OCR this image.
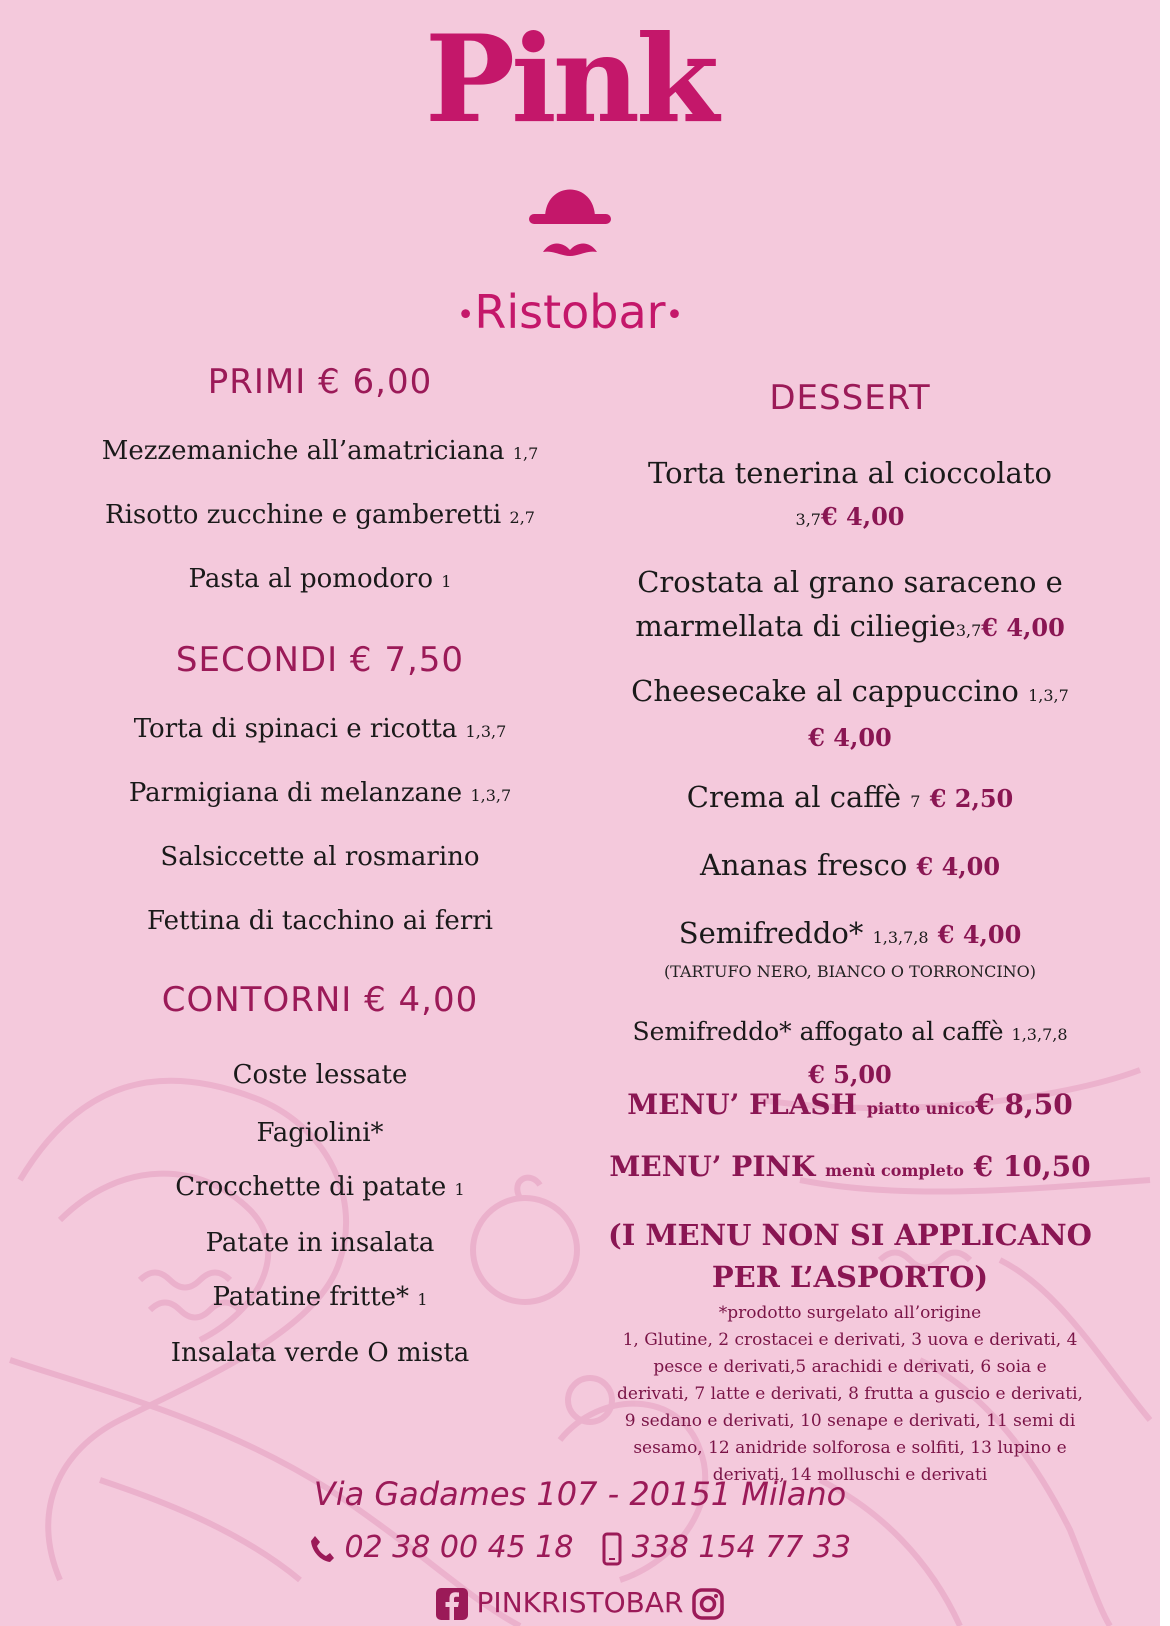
Pink
•Ristobar•
PRIMI € 6,00
Mezzemaniche all’amatriciana 1,7
Risotto zucchine e gamberetti 2,7
Pasta al pomodoro 1
SECONDI € 7,50
Torta di spinaci e ricotta 1,3,7
Parmigiana di melanzane 1,3,7
Salsiccette al rosmarino
Fettina di tacchino ai ferri
CONTORNI € 4,00
Coste lessate
Fagiolini*
Crocchette di patate 1
Patate in insalata
Patatine fritte* 1
Insalata verde O mista
DESSERT
Torta tenerina al cioccolato
3,7€ 4,00
Crostata al grano saraceno e
marmellata di ciliegie3,7€ 4,00
Cheesecake al cappuccino 1,3,7
€ 4,00
Crema al caffè 7 € 2,50
Ananas fresco € 4,00
Semifreddo* 1,3,7,8 € 4,00
(TARTUFO NERO, BIANCO O TORRONCINO)
Semifreddo* affogato al caffè 1,3,7,8
€ 5,00
MENU’ FLASH piatto unico€ 8,50
MENU’ PINK menù completo € 10,50
(I MENU NON SI APPLICANO
PER L’ASPORTO)
*prodotto surgelato all’origine
1, Glutine, 2 crostacei e derivati, 3 uova e derivati, 4
pesce e derivati,5 arachidi e derivati, 6 soia e
derivati, 7 latte e derivati, 8 frutta a guscio e derivati,
9 sedano e derivati, 10 senape e derivati, 11 semi di
sesamo, 12 anidride solforosa e solfiti, 13 lupino e
derivati, 14 molluschi e derivati
Via Gadames 107 - 20151 Milano
02 38 00 45 18 338 154 77 33
PINKRISTOBAR
